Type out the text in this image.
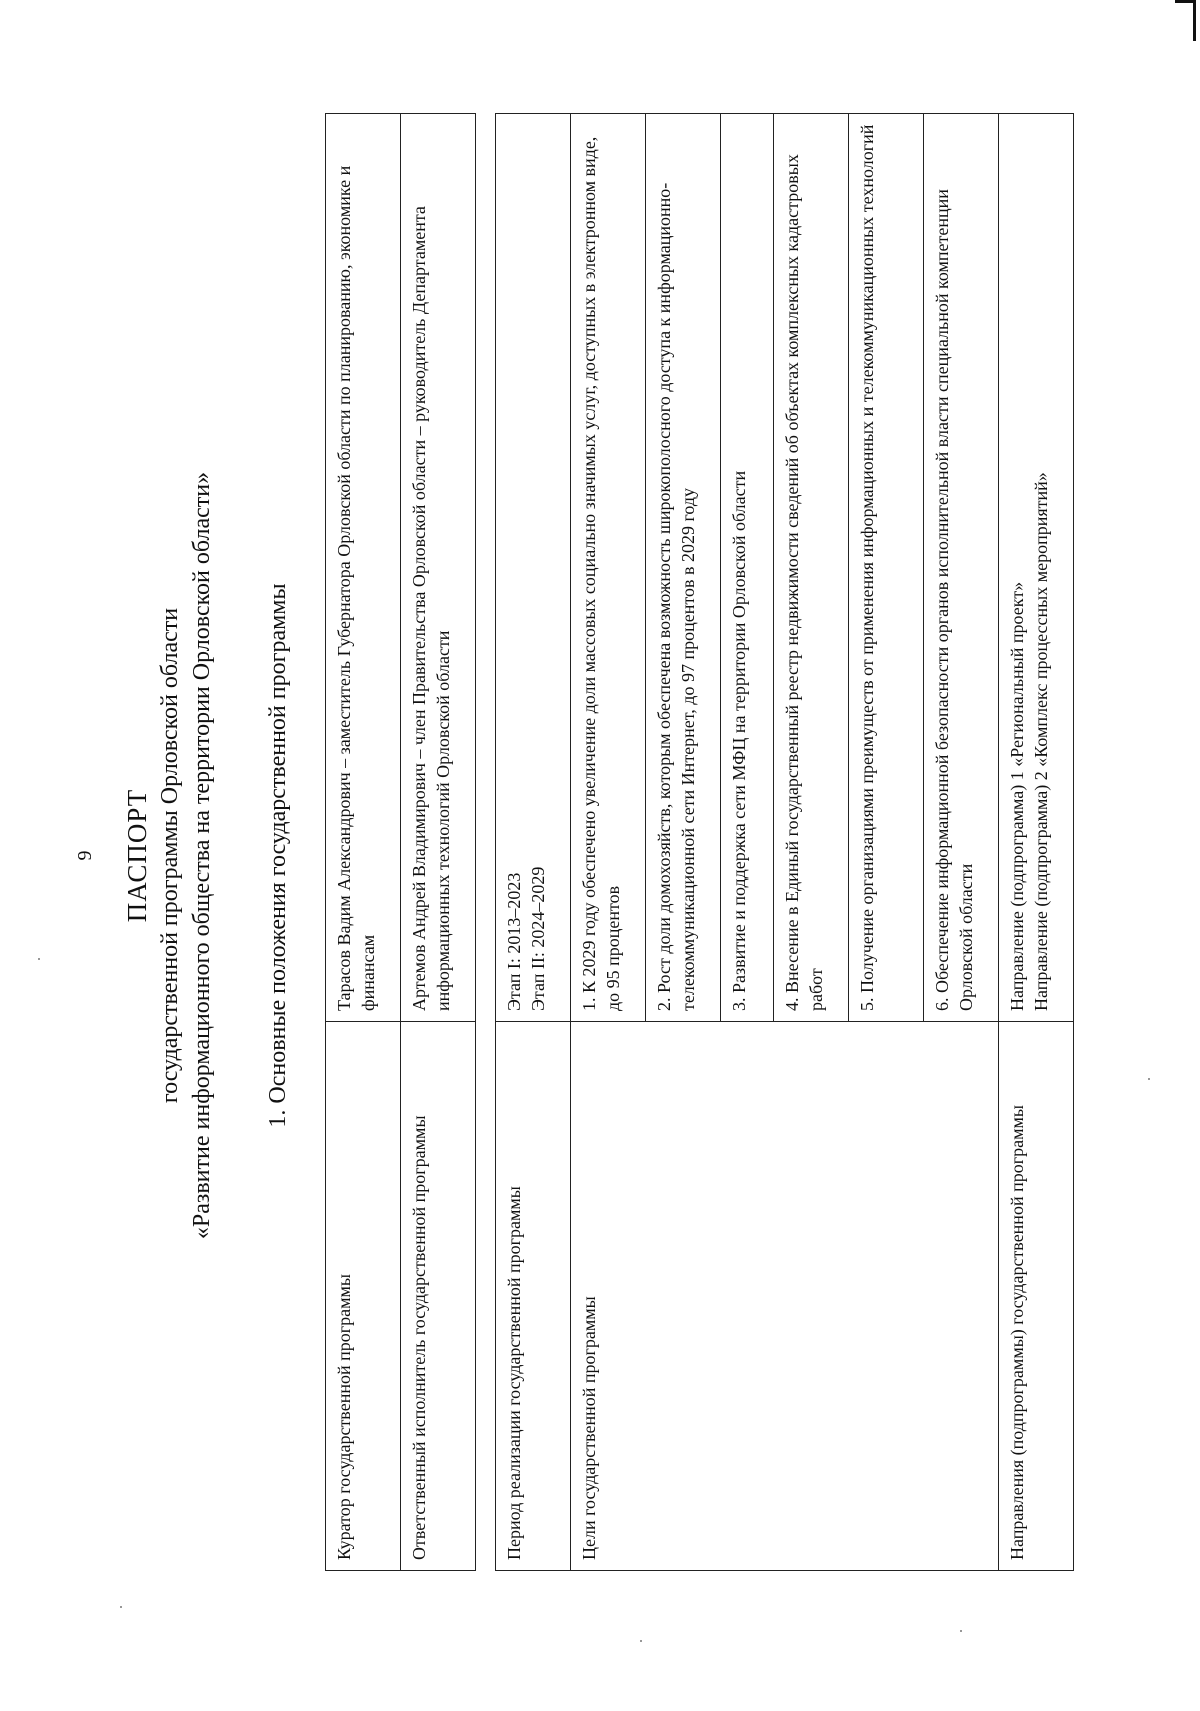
9 ПАСПОРТ государственной программы Орловской области «Развитие информационного общества на территории Орловской области» 1. Основные положения государственной программы
Куратор государственной программы	Тарасов Вадим Александрович – заместитель Губернатора Орловской области по планированию, экономике и финансам
Ответственный исполнитель государственной программы	Артемов Андрей Владимирович – член Правительства Орловской области – руководитель Департамента информационных технологий Орловской области
Период реализации государственной программы	Этап I: 2013–2023 Этап II: 2024–2029

Цели государственной программы	1. К 2029 году обеспечено увеличение доли массовых социально значимых услуг, доступных в электронном виде, до 95 процентов
	2. Рост доли домохозяйств, которым обеспечена возможность широкополосного доступа к информационно-телекоммуникационной сети Интернет, до 97 процентов в 2029 году
	3. Развитие и поддержка сети МФЦ на территории Орловской области
	4. Внесение в Единый государственный реестр недвижимости сведений об объектах комплексных кадастровых работ
	5. Получение организациями преимуществ от применения информационных и телекоммуникационных технологий
	6. Обеспечение информационной безопасности органов исполнительной власти специальной компетенции Орловской области
Направления (подпрограммы) государственной программы	Направление (подпрограмма) 1 «Региональный проект» Направление (подпрограмма) 2 «Комплекс процессных мероприятий»
